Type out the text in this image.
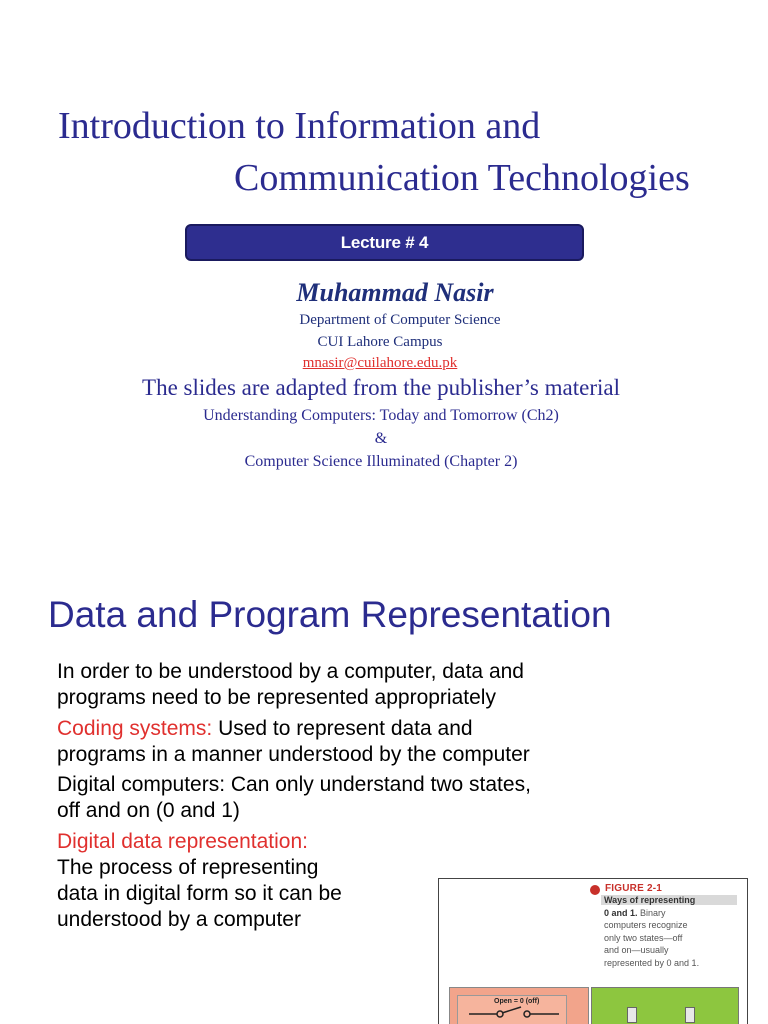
Introduction to Information and
Communication Technologies
Lecture # 4
Muhammad Nasir
Department of Computer Science
CUI Lahore Campus
mnasir@cuilahore.edu.pk
The slides are adapted from the publisher’s material
Understanding Computers: Today and Tomorrow (Ch2)
&
Computer Science Illuminated (Chapter 2)
Data and Program Representation
In order to be understood by a computer, data and
programs need to be represented appropriately
Coding systems: Used to represent data and
programs in a manner understood by the computer
Digital computers: Can only understand two states,
off and on (0 and 1)
Digital data representation:
The process of representing
data in digital form so it can be
understood by a computer
FIGURE 2-1
Ways of representing
0 and 1. Binary
computers recognize
only two states—off
and on—usually
represented by 0 and 1.
Open = 0 (off)
